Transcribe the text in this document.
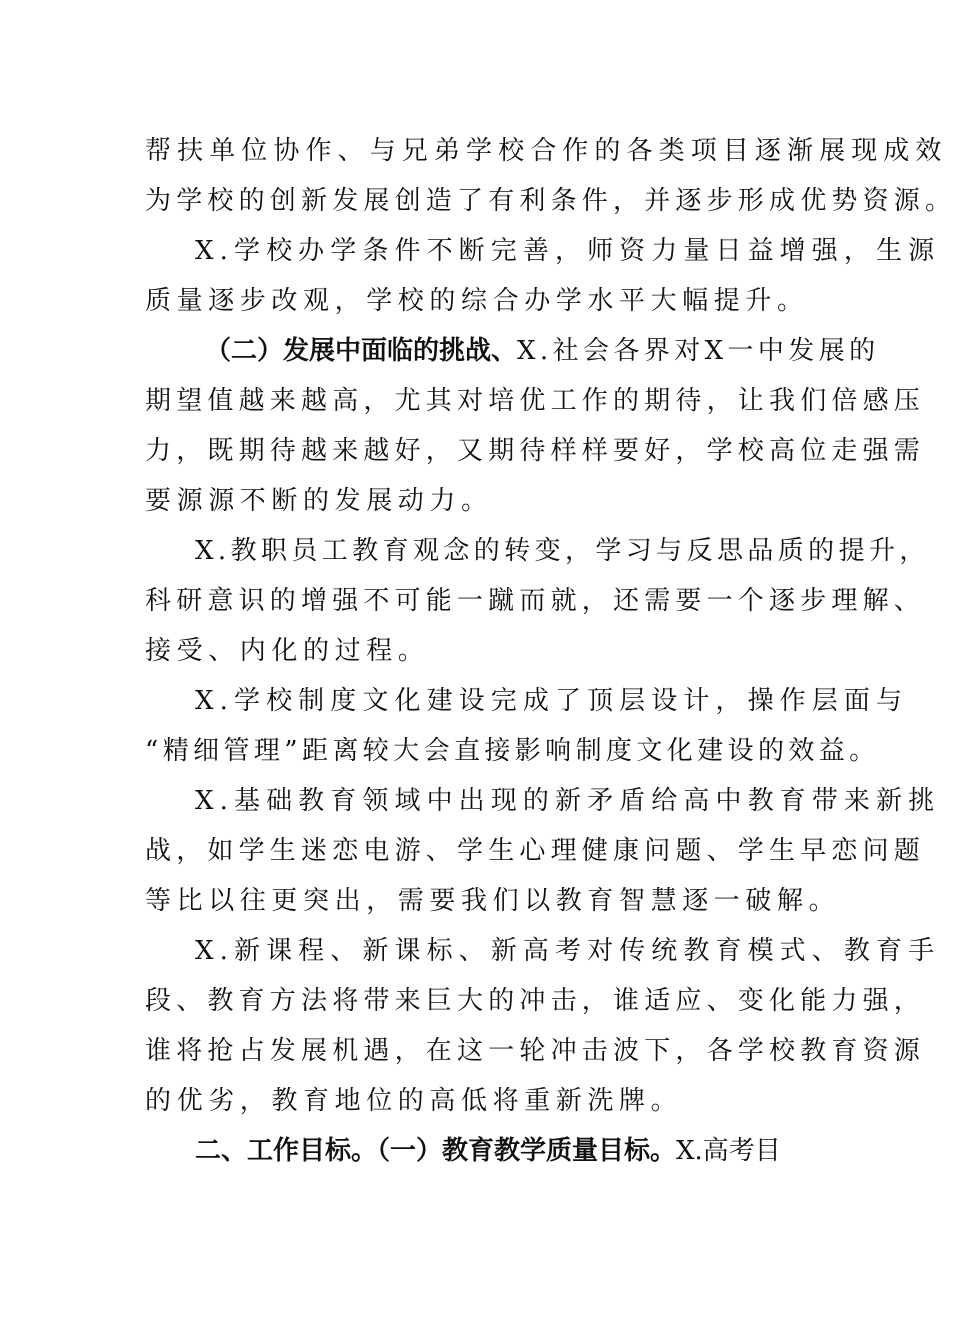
帮扶单位协作、与兄弟学校合作的各类项目逐渐展现成效
为学校的创新发展创造了有利条件，并逐步形成优势资源。
X.学校办学条件不断完善，师资力量日益增强，生源
质量逐步改观，学校的综合办学水平大幅提升。
（二）发展中面临的挑战、X.社会各界对X一中发展的
期望值越来越高，尤其对培优工作的期待，让我们倍感压
力，既期待越来越好，又期待样样要好，学校高位走强需
要源源不断的发展动力。
X.教职员工教育观念的转变，学习与反思品质的提升，
科研意识的增强不可能一蹴而就，还需要一个逐步理解、
接受、内化的过程。
X.学校制度文化建设完成了顶层设计，操作层面与
“精细管理”距离较大会直接影响制度文化建设的效益。
X.基础教育领域中出现的新矛盾给高中教育带来新挑
战，如学生迷恋电游、学生心理健康问题、学生早恋问题
等比以往更突出，需要我们以教育智慧逐一破解。
X.新课程、新课标、新高考对传统教育模式、教育手
段、教育方法将带来巨大的冲击，谁适应、变化能力强，
谁将抢占发展机遇，在这一轮冲击波下，各学校教育资源
的优劣，教育地位的高低将重新洗牌。
二、工作目标。（一）教育教学质量目标。X.高考目
